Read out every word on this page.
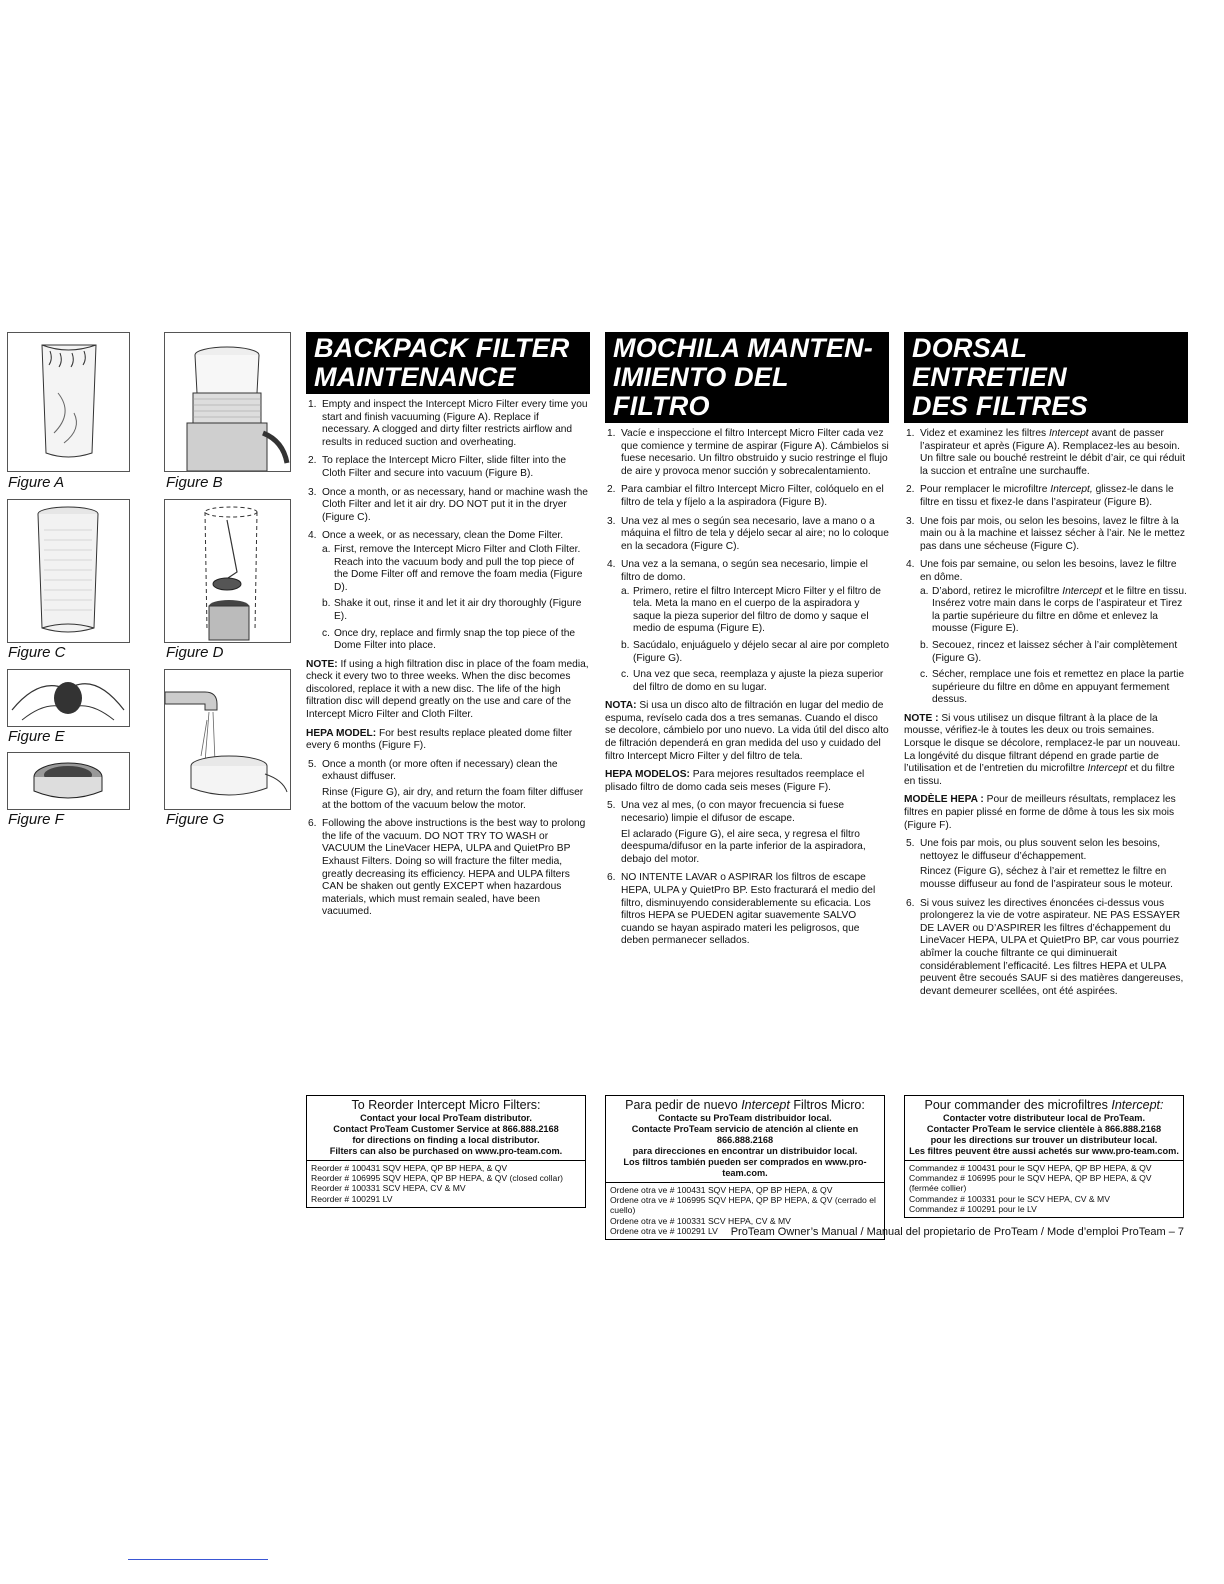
Figure A	Figure B
Figure C	Figure D
Figure E
Figure F	Figure G
BACKPACK FILTER
MAINTENANCE
1. Empty and inspect the Intercept Micro Filter every time you start and finish vacuuming (Figure A). Replace if necessary. A clogged and dirty filter restricts airflow and results in reduced suction and overheating.
2. To replace the Intercept Micro Filter, slide filter into the Cloth Filter and secure into vacuum (Figure B).
3. Once a month, or as necessary, hand or machine wash the Cloth Filter and let it air dry. DO NOT put it in the dryer (Figure C).
4. Once a week, or as necessary, clean the Dome Filter.
a. First, remove the Intercept Micro Filter and Cloth Filter. Reach into the vacuum body and pull the top piece of the Dome Filter off and remove the foam media (Figure D).
b. Shake it out, rinse it and let it air dry thoroughly (Figure E).
c. Once dry, replace and firmly snap the top piece of the Dome Filter into place.
NOTE: If using a high filtration disc in place of the foam media, check it every two to three weeks. When the disc becomes discolored, replace it with a new disc. The life of the high filtration disc will depend greatly on the use and care of the Intercept Micro Filter and Cloth Filter.
HEPA MODEL: For best results replace pleated dome filter every 6 months (Figure F).
5. Once a month (or more often if necessary) clean the exhaust diffuser.
Rinse (Figure G), air dry, and return the foam filter diffuser at the bottom of the vacuum below the motor.
6. Following the above instructions is the best way to prolong the life of the vacuum. DO NOT TRY TO WASH or VACUUM the LineVacer HEPA, ULPA and QuietPro BP Exhaust Filters. Doing so will fracture the filter media, greatly decreasing its efficiency. HEPA and ULPA filters CAN be shaken out gently EXCEPT when hazardous materials, which must remain sealed, have been vacuumed.
MOCHILA MANTEN-
IMIENTO DEL FILTRO
1. Vacíe e inspeccione el filtro Intercept Micro Filter cada vez que comience y termine de aspirar (Figure A). Cámbielos si fuese necesario. Un filtro obstruido y sucio restringe el flujo de aire y provoca menor succión y sobrecalentamiento.
2. Para cambiar el filtro Intercept Micro Filter, colóquelo en el filtro de tela y fíjelo a la aspiradora (Figure B).
3. Una vez al mes o según sea necesario, lave a mano o a máquina el filtro de tela y déjelo secar al aire; no lo coloque en la secadora (Figure C).
4. Una vez a la semana, o según sea necesario, limpie el filtro de domo.
a. Primero, retire el filtro Intercept Micro Filter y el filtro de tela. Meta la mano en el cuerpo de la aspiradora y saque la pieza superior del filtro de domo y saque el medio de espuma (Figure E).
b. Sacúdalo, enjuáguelo y déjelo secar al aire por completo (Figure G).
c. Una vez que seca, reemplaza y ajuste la pieza superior del filtro de domo en su lugar.
NOTA: Si usa un disco alto de filtración en lugar del medio de espuma, revíselo cada dos a tres semanas. Cuando el disco se decolore, cámbielo por uno nuevo. La vida útil del disco alto de filtración dependerá en gran medida del uso y cuidado del filtro Intercept Micro Filter y del filtro de tela.
HEPA MODELOS: Para mejores resultados reemplace el plisado filtro de domo cada seis meses (Figure F).
5. Una vez al mes, (o con mayor frecuencia si fuese necesario) limpie el difusor de escape.
El aclarado (Figure G), el aire seca, y regresa el filtro deespuma/difusor en la parte inferior de la aspiradora, debajo del motor.
6. NO INTENTE LAVAR o ASPIRAR los filtros de escape HEPA, ULPA y QuietPro BP. Esto fracturará el medio del filtro, disminuyendo considerablemente su eficacia. Los filtros HEPA se PUEDEN agitar suavemente SALVO cuando se hayan aspirado materi les peligrosos, que deben permanecer sellados.
DORSAL ENTRETIEN
DES FILTRES
1. Videz et examinez les filtres Intercept avant de passer l’aspirateur et après (Figure A). Remplacez-les au besoin. Un filtre sale ou bouché restreint le débit d’air, ce qui réduit la succion et entraîne une surchauffe.
2. Pour remplacer le microfiltre Intercept, glissez-le dans le filtre en tissu et fixez-le dans l’aspirateur (Figure B).
3. Une fois par mois, ou selon les besoins, lavez le filtre à la main ou à la machine et laissez sécher à l’air. Ne le mettez pas dans une sécheuse (Figure C).
4. Une fois par semaine, ou selon les besoins, lavez le filtre en dôme.
a. D’abord, retirez le microfiltre Intercept et le filtre en tissu. Insérez votre main dans le corps de l’aspirateur et Tirez la partie supérieure du filtre en dôme et enlevez la mousse (Figure E).
b. Secouez, rincez et laissez sécher à l’air complètement (Figure G).
c. Sécher, remplace une fois et remettez en place la partie supérieure du filtre en dôme en appuyant fermement dessus.
NOTE : Si vous utilisez un disque filtrant à la place de la mousse, vérifiez-le à toutes les deux ou trois semaines. Lorsque le disque se décolore, remplacez-le par un nouveau. La longévité du disque filtrant dépend en grade partie de l’utilisation et de l’entretien du microfiltre Intercept et du filtre en tissu.
MODÈLE HEPA : Pour de meilleurs résultats, remplacez les filtres en papier plissé en forme de dôme à tous les six mois (Figure F).
5. Une fois par mois, ou plus souvent selon les besoins, nettoyez le diffuseur d’échappement.
Rincez (Figure G), séchez à l’air et remettez le filtre en mousse diffuseur au fond de l’aspirateur sous le moteur.
6. Si vous suivez les directives énoncées ci-dessus vous prolongerez la vie de votre aspirateur. NE PAS ESSAYER DE LAVER ou D’ASPIRER les filtres d’échappement du LineVacer HEPA, ULPA et QuietPro BP, car vous pourriez abîmer la couche filtrante ce qui diminuerait considérablement l’efficacité. Les filtres HEPA et ULPA peuvent être secoués SAUF si des matières dangereuses, devant demeurer scellées, ont été aspirées.
To Reorder Intercept Micro Filters:
Contact your local ProTeam distributor.
Contact ProTeam Customer Service at 866.888.2168
for directions on finding a local distributor.
Filters can also be purchased on www.pro-team.com.
Reorder # 100431 SQV HEPA, QP BP HEPA, & QV
Reorder # 106995 SQV HEPA, QP BP HEPA, & QV (closed collar)
Reorder # 100331 SCV HEPA, CV & MV
Reorder # 100291 LV
Para pedir de nuevo Intercept Filtros Micro:
Contacte su ProTeam distribuidor local.
Contacte ProTeam servicio de atención al cliente en 866.888.2168
para direcciones en encontrar un distribuidor local.
Los filtros también pueden ser comprados en www.pro-team.com.
Ordene otra ve # 100431 SQV HEPA, QP BP HEPA, & QV
Ordene otra ve # 106995 SQV HEPA, QP BP HEPA, & QV (cerrado el cuello)
Ordene otra ve # 100331 SCV HEPA, CV & MV
Ordene otra ve # 100291 LV
Pour commander des microfiltres Intercept:
Contacter votre distributeur local de ProTeam.
Contacter ProTeam le service clientèle à 866.888.2168
pour les directions sur trouver un distributeur local.
Les filtres peuvent être aussi achetés sur www.pro-team.com.
Commandez # 100431 pour le SQV HEPA, QP BP HEPA, & QV
Commandez # 106995 pour le SQV HEPA, QP BP HEPA, & QV (fermée collier)
Commandez # 100331 pour le SCV HEPA, CV & MV
Commandez # 100291 pour le LV
ProTeam Owner’s Manual / Manual del propietario de ProTeam / Mode d’emploi ProTeam – 7
